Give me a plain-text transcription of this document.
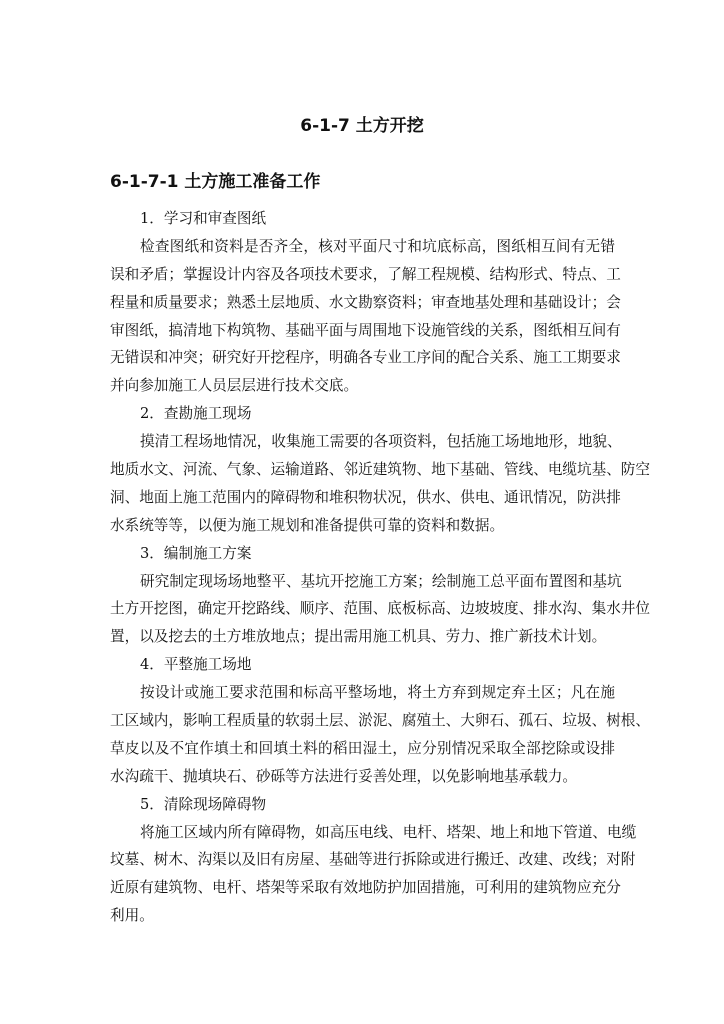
6-1-7 土方开挖
6-1-7-1 土方施工准备工作
1．学习和审查图纸
检查图纸和资料是否齐全，核对平面尺寸和坑底标高，图纸相互间有无错
误和矛盾；掌握设计内容及各项技术要求，了解工程规模、结构形式、特点、工
程量和质量要求；熟悉土层地质、水文勘察资料；审查地基处理和基础设计；会
审图纸，搞清地下构筑物、基础平面与周围地下设施管线的关系，图纸相互间有
无错误和冲突；研究好开挖程序，明确各专业工序间的配合关系、施工工期要求
并向参加施工人员层层进行技术交底。
2．查勘施工现场
摸清工程场地情况，收集施工需要的各项资料，包括施工场地地形，地貌、
地质水文、河流、气象、运输道路、邻近建筑物、地下基础、管线、电缆坑基、防空
洞、地面上施工范围内的障碍物和堆积物状况，供水、供电、通讯情况，防洪排
水系统等等，以便为施工规划和准备提供可靠的资料和数据。
3．编制施工方案
研究制定现场场地整平、基坑开挖施工方案；绘制施工总平面布置图和基坑
土方开挖图，确定开挖路线、顺序、范围、底板标高、边坡坡度、排水沟、集水井位
置，以及挖去的土方堆放地点；提出需用施工机具、劳力、推广新技术计划。
4．平整施工场地
按设计或施工要求范围和标高平整场地，将土方弃到规定弃土区；凡在施
工区域内，影响工程质量的软弱土层、淤泥、腐殖土、大卵石、孤石、垃圾、树根、
草皮以及不宜作填土和回填土料的稻田湿土，应分别情况采取全部挖除或设排
水沟疏干、抛填块石、砂砾等方法进行妥善处理，以免影响地基承载力。
5．清除现场障碍物
将施工区域内所有障碍物，如高压电线、电杆、塔架、地上和地下管道、电缆
坟墓、树木、沟渠以及旧有房屋、基础等进行拆除或进行搬迁、改建、改线；对附
近原有建筑物、电杆、塔架等采取有效地防护加固措施，可利用的建筑物应充分
利用。
